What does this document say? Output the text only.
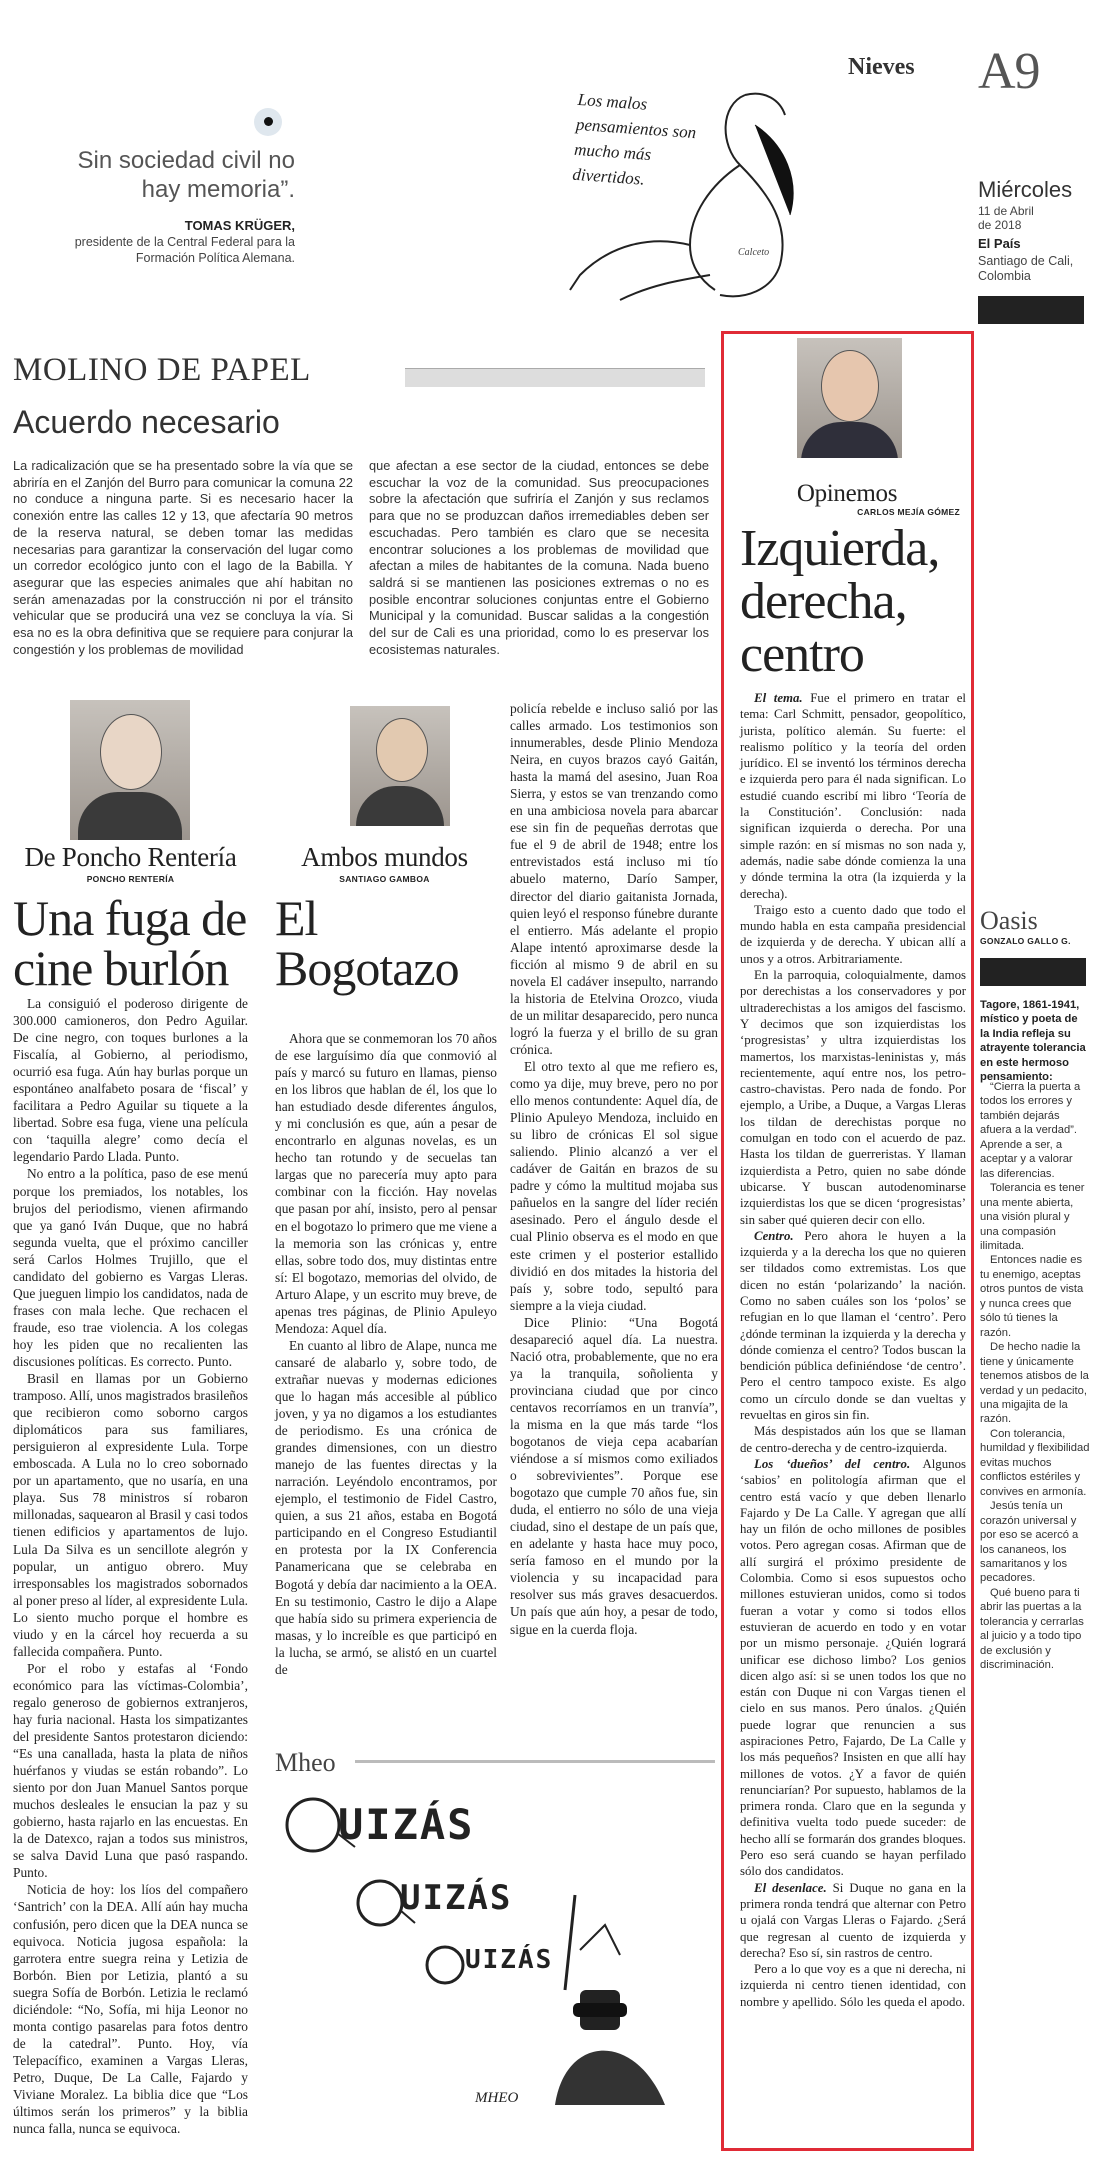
Nieves A9
Miércoles
11 de Abril de 2018
El País
Santiago de Cali, Colombia
Sin sociedad civil no hay memoria”.
TOMAS KRÜGER,
presidente de la Central Federal para la Formación Política Alemana.
Los malos pensamientos son mucho más divertidos.
Calceto
MOLINO DE PAPEL
Acuerdo necesario
La radicalización que se ha presentado sobre la vía que se abriría en el Zanjón del Burro para comunicar la comuna 22 no conduce a ninguna parte. Si es necesario hacer la conexión entre las calles 12 y 13, que afectaría 90 metros de la reserva natural, se deben tomar las medidas necesarias para garantizar la conservación del lugar como un corredor ecológico junto con el lago de la Babilla. Y asegurar que las especies animales que ahí habitan no serán amenazadas por la construcción ni por el tránsito vehicular que se producirá una vez se concluya la vía. Si esa no es la obra definitiva que se requiere para conjurar la congestión y los problemas de movilidad
que afectan a ese sector de la ciudad, entonces se debe escuchar la voz de la comunidad. Sus preocupaciones sobre la afectación que sufriría el Zanjón y sus reclamos para que no se produzcan daños irremediables deben ser escuchadas. Pero también es claro que se necesita encontrar soluciones a los problemas de movilidad que afectan a miles de habitantes de la comuna. Nada bueno saldrá si se mantienen las posiciones extremas o no es posible encontrar soluciones conjuntas entre el Gobierno Municipal y la comunidad. Buscar salidas a la congestión del sur de Cali es una prioridad, como lo es preservar los ecosistemas naturales.
De Poncho Rentería
PONCHO RENTERÍA
Una fuga de cine burlón

La consiguió el poderoso dirigente de 300.000 camioneros, don Pedro Aguilar. De cine negro, con toques burlones a la Fiscalía, al Gobierno, al periodismo, ocurrió esa fuga. Aún hay burlas porque un espontáneo analfabeto posara de ‘fiscal’ y facilitara a Pedro Aguilar su tiquete a la libertad. Sobre esa fuga, viene una película con ‘taquilla alegre’ como decía el legendario Pardo Llada. Punto.

No entro a la política, paso de ese menú porque los premiados, los notables, los brujos del periodismo, vienen afirmando que ya ganó Iván Duque, que no habrá segunda vuelta, que el próximo canciller será Carlos Holmes Trujillo, que el candidato del gobierno es Vargas Lleras. Que jueguen limpio los candidatos, nada de frases con mala leche. Que rechacen el fraude, eso trae violencia. A los colegas hoy les piden que no recalienten las discusiones políticas. Es correcto. Punto.

Brasil en llamas por un Gobierno tramposo. Allí, unos magistrados brasileños que recibieron como soborno cargos diplomáticos para sus familiares, persiguieron al expresidente Lula. Torpe emboscada. A Lula no lo creo sobornado por un apartamento, que no usaría, en una playa. Sus 78 ministros sí robaron millonadas, saquearon al Brasil y casi todos tienen edificios y apartamentos de lujo. Lula Da Silva es un sencillote alegrón y popular, un antiguo obrero. Muy irresponsables los magistrados sobornados al poner preso al líder, al expresidente Lula. Lo siento mucho porque el hombre es viudo y en la cárcel hoy recuerda a su fallecida compañera. Punto.

Por el robo y estafas al ‘Fondo económico para las víctimas-Colombia’, regalo generoso de gobiernos extranjeros, hay furia nacional. Hasta los simpatizantes del presidente Santos protestaron diciendo: “Es una canallada, hasta la plata de niños huérfanos y viudas se están robando”. Lo siento por don Juan Manuel Santos porque muchos desleales le ensucian la paz y su gobierno, hasta rajarlo en las encuestas. En la de Datexco, rajan a todos sus ministros, se salva David Luna que pasó raspando. Punto.

Noticia de hoy: los líos del compañero ‘Santrich’ con la DEA. Allí aún hay mucha confusión, pero dicen que la DEA nunca se equivoca. Noticia jugosa española: la garrotera entre suegra reina y Letizia de Borbón. Bien por Letizia, plantó a su suegra Sofía de Borbón. Letizia le reclamó diciéndole: “No, Sofía, mi hija Leonor no monta contigo pasarelas para fotos dentro de la catedral”. Punto. Hoy, vía Telepacífico, examinen a Vargas Lleras, Petro, Duque, De La Calle, Fajardo y Viviane Moralez. La biblia dice que “Los últimos serán los primeros” y la biblia nunca falla, nunca se equivoca.

Ambos mundos
SANTIAGO GAMBOA
El Bogotazo

Ahora que se conmemoran los 70 años de ese larguísimo día que conmovió al país y marcó su futuro en llamas, pienso en los libros que hablan de él, los que lo han estudiado desde diferentes ángulos, y mi conclusión es que, aún a pesar de encontrarlo en algunas novelas, es un hecho tan rotundo y de secuelas tan largas que no parecería muy apto para combinar con la ficción. Hay novelas que pasan por ahí, insisto, pero al pensar en el bogotazo lo primero que me viene a la memoria son las crónicas y, entre ellas, sobre todo dos, muy distintas entre sí: El bogotazo, memorias del olvido, de Arturo Alape, y un escrito muy breve, de apenas tres páginas, de Plinio Apuleyo Mendoza: Aquel día.

En cuanto al libro de Alape, nunca me cansaré de alabarlo y, sobre todo, de extrañar nuevas y modernas ediciones que lo hagan más accesible al público joven, y ya no digamos a los estudiantes de periodismo. Es una crónica de grandes dimensiones, con un diestro manejo de las fuentes directas y la narración. Leyéndolo encontramos, por ejemplo, el testimonio de Fidel Castro, quien, a sus 21 años, estaba en Bogotá participando en el Congreso Estudiantil en protesta por la IX Conferencia Panamericana que se celebraba en Bogotá y debía dar nacimiento a la OEA. En su testimonio, Castro le dijo a Alape que había sido su primera experiencia de masas, y lo increíble es que participó en la lucha, se armó, se alistó en un cuartel de

policía rebelde e incluso salió por las calles armado. Los testimonios son innumerables, desde Plinio Mendoza Neira, en cuyos brazos cayó Gaitán, hasta la mamá del asesino, Juan Roa Sierra, y estos se van trenzando como en una ambiciosa novela para abarcar ese sin fin de pequeñas derrotas que fue el 9 de abril de 1948; entre los entrevistados está incluso mi tío abuelo materno, Darío Samper, director del diario gaitanista Jornada, quien leyó el responso fúnebre durante el entierro. Más adelante el propio Alape intentó aproximarse desde la ficción al mismo 9 de abril en su novela El cadáver insepulto, narrando la historia de Etelvina Orozco, viuda de un militar desaparecido, pero nunca logró la fuerza y el brillo de su gran crónica.

El otro texto al que me refiero es, como ya dije, muy breve, pero no por ello menos contundente: Aquel día, de Plinio Apuleyo Mendoza, incluido en su libro de crónicas El sol sigue saliendo. Plinio alcanzó a ver el cadáver de Gaitán en brazos de su padre y cómo la multitud mojaba sus pañuelos en la sangre del líder recién asesinado. Pero el ángulo desde el cual Plinio observa es el modo en que este crimen y el posterior estallido dividió en dos mitades la historia del país y, sobre todo, sepultó para siempre a la vieja ciudad.

Dice Plinio: “Una Bogotá desapareció aquel día. La nuestra. Nació otra, probablemente, que no era ya la tranquila, soñolienta y provinciana ciudad que por cinco centavos recorríamos en un tranvía”, la misma en la que más tarde “los bogotanos de vieja cepa acabarían viéndose a sí mismos como exiliados o sobrevivientes”. Porque ese bogotazo que cumple 70 años fue, sin duda, el entierro no sólo de una vieja ciudad, sino el destape de un país que, en adelante y hasta hace muy poco, sería famoso en el mundo por la violencia y su incapacidad para resolver sus más graves desacuerdos. Un país que aún hoy, a pesar de todo, sigue en la cuerda floja.

Mheo
UIZÁS
UIZÁS
UIZÁS
MHEO
Opinemos
CARLOS MEJÍA GÓMEZ
Izquierda,
derecha,
centro

El tema. Fue el primero en tratar el tema: Carl Schmitt, pensador, geopolítico, jurista, político alemán. Su fuerte: el realismo político y la teoría del orden jurídico. El se inventó los términos derecha e izquierda pero para él nada significan. Lo estudié cuando escribí mi libro ‘Teoría de la Constitución’. Conclusión: nada significan izquierda o derecha. Por una simple razón: en sí mismas no son nada y, además, nadie sabe dónde comienza la una y dónde termina la otra (la izquierda y la derecha).

Traigo esto a cuento dado que todo el mundo habla en esta campaña presidencial de izquierda y de derecha. Y ubican allí a unos y a otros. Arbitrariamente.

En la parroquia, coloquialmente, damos por derechistas a los conservadores y por ultraderechistas a los amigos del fascismo. Y decimos que son izquierdistas los ‘progresistas’ y ultra izquierdistas los mamertos, los marxistas-leninistas y, más recientemente, aquí entre nos, los petro-castro-chavistas. Pero nada de fondo. Por ejemplo, a Uribe, a Duque, a Vargas Lleras los tildan de derechistas porque no comulgan en todo con el acuerdo de paz. Hasta los tildan de guerreristas. Y llaman izquierdista a Petro, quien no sabe dónde ubicarse. Y buscan autodenominarse izquierdistas los que se dicen ‘progresistas’ sin saber qué quieren decir con ello.

Centro. Pero ahora le huyen a la izquierda y a la derecha los que no quieren ser tildados como extremistas. Los que dicen no están ‘polarizando’ la nación. Como no saben cuáles son los ‘polos’ se refugian en lo que llaman el ‘centro’. Pero ¿dónde terminan la izquierda y la derecha y dónde comienza el centro? Todos buscan la bendición pública definiéndose ‘de centro’. Pero el centro tampoco existe. Es algo como un círculo donde se dan vueltas y revueltas en giros sin fin.

Más despistados aún los que se llaman de centro-derecha y de centro-izquierda.

Los ‘dueños’ del centro. Algunos ‘sabios’ en politología afirman que el centro está vacío y que deben llenarlo Fajardo y De La Calle. Y agregan que allí hay un filón de ocho millones de posibles votos. Pero agregan cosas. Afirman que de allí surgirá el próximo presidente de Colombia. Como si esos supuestos ocho millones estuvieran unidos, como si todos fueran a votar y como si todos ellos estuvieran de acuerdo en todo y en votar por un mismo personaje. ¿Quién logrará unificar ese dichoso limbo? Los genios dicen algo así: si se unen todos los que no están con Duque ni con Vargas tienen el cielo en sus manos. Pero únalos. ¿Quién puede lograr que renuncien a sus aspiraciones Petro, Fajardo, De La Calle y los más pequeños? Insisten en que allí hay millones de votos. ¿Y a favor de quién renunciarían? Por supuesto, hablamos de la primera ronda. Claro que en la segunda y definitiva vuelta todo puede suceder: de hecho allí se formarán dos grandes bloques. Pero eso será cuando se hayan perfilado sólo dos candidatos.

El desenlace. Si Duque no gana en la primera ronda tendrá que alternar con Petro u ojalá con Vargas Lleras o Fajardo. ¿Será que regresan al cuento de izquierda y derecha? Eso sí, sin rastros de centro.

Pero a lo que voy es a que ni derecha, ni izquierda ni centro tienen identidad, con nombre y apellido. Sólo les queda el apodo.

Oasis
GONZALO GALLO G.
Tagore, 1861-1941, místico y poeta de la India refleja su atrayente tolerancia en este hermoso pensamiento:

“Cierra la puerta a todos los errores y también dejarás afuera a la verdad”. Aprende a ser, a aceptar y a valorar las diferencias.

Tolerancia es tener una mente abierta, una visión plural y una compasión ilimitada.

Entonces nadie es tu enemigo, aceptas otros puntos de vista y nunca crees que sólo tú tienes la razón.

De hecho nadie la tiene y únicamente tenemos atisbos de la verdad y un pedacito, una migajita de la razón.

Con tolerancia, humildad y flexibilidad evitas muchos conflictos estériles y convives en armonía.

Jesús tenía un corazón universal y por eso se acercó a los cananeos, los samaritanos y los pecadores.

Qué bueno para ti abrir las puertas a la tolerancia y cerrarlas al juicio y a todo tipo de exclusión y discriminación.
